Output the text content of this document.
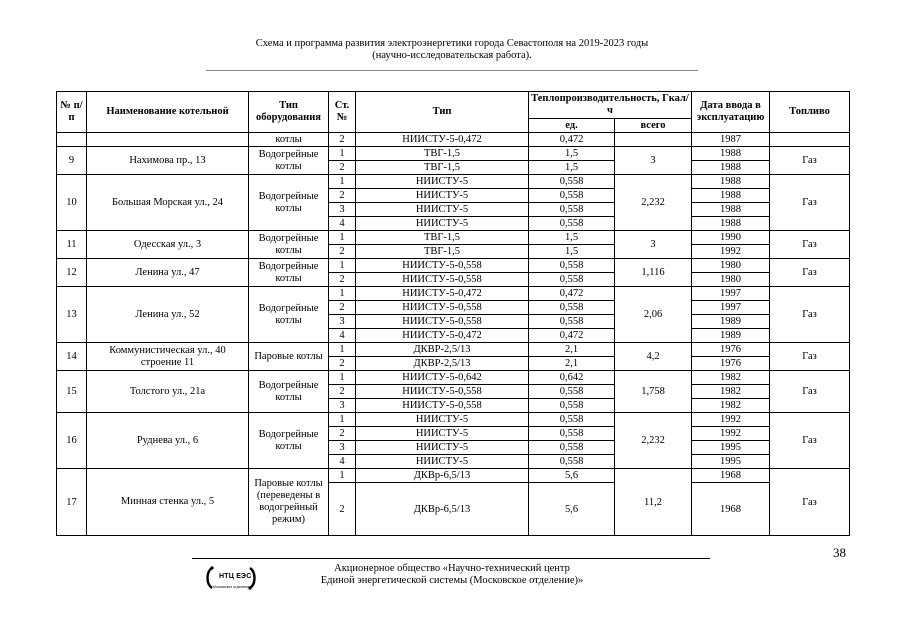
Схема и программа развития электроэнергетики города Севастополя на 2019-2023 годы
(научно-исследовательская работа).
№ п/п	Наименование котельной	Тип оборудования	Ст. №	Тип	Теплопроизводительность, Гкал/ч		Дата ввода в эксплуатацию	Топливо
					ед.	всего		
		котлы	2	НИИСТУ-5-0,472	0,472		1987	
9	Нахимова пр., 13	Водогрейные котлы	1	ТВГ-1,5	1,5	3	1988	Газ
			2	ТВГ-1,5	1,5		1988	
10	Большая Морская ул., 24	Водогрейные котлы	1	НИИСТУ-5	0,558	2,232	1988	Газ
			2	НИИСТУ-5	0,558		1988	
			3	НИИСТУ-5	0,558		1988	
			4	НИИСТУ-5	0,558		1988	
11	Одесская ул., 3	Водогрейные котлы	1	ТВГ-1,5	1,5	3	1990	Газ
			2	ТВГ-1,5	1,5		1992	
12	Ленина ул., 47	Водогрейные котлы	1	НИИСТУ-5-0,558	0,558	1,116	1980	Газ
			2	НИИСТУ-5-0,558	0,558		1980	
13	Ленина ул., 52	Водогрейные котлы	1	НИИСТУ-5-0,472	0,472	2,06	1997	Газ
			2	НИИСТУ-5-0,558	0,558		1997	
			3	НИИСТУ-5-0,558	0,558		1989	
			4	НИИСТУ-5-0,472	0,472		1989	
14	Коммунистическая ул., 40 строение 11	Паровые котлы	1	ДКВР-2,5/13	2,1	4,2	1976	Газ
			2	ДКВР-2,5/13	2,1		1976	
15	Толстого ул., 21а	Водогрейные котлы	1	НИИСТУ-5-0,642	0,642	1,758	1982	Газ
			2	НИИСТУ-5-0,558	0,558		1982	
			3	НИИСТУ-5-0,558	0,558		1982	
16	Руднева ул., 6	Водогрейные котлы	1	НИИСТУ-5	0,558	2,232	1992	Газ
			2	НИИСТУ-5	0,558		1992	
			3	НИИСТУ-5	0,558		1995	
			4	НИИСТУ-5	0,558		1995	
17	Минная стенка ул., 5	Паровые котлы (переведены в водогрейный режим)	1	ДКВр-6,5/13	5,6	11,2	1968	Газ
			2	ДКВр-6,5/13	5,6		1968	
38
НТЦ ЕЭС
Московское отделение
Акционерное общество «Научно-технический центр
Единой энергетической системы (Московское отделение)»
